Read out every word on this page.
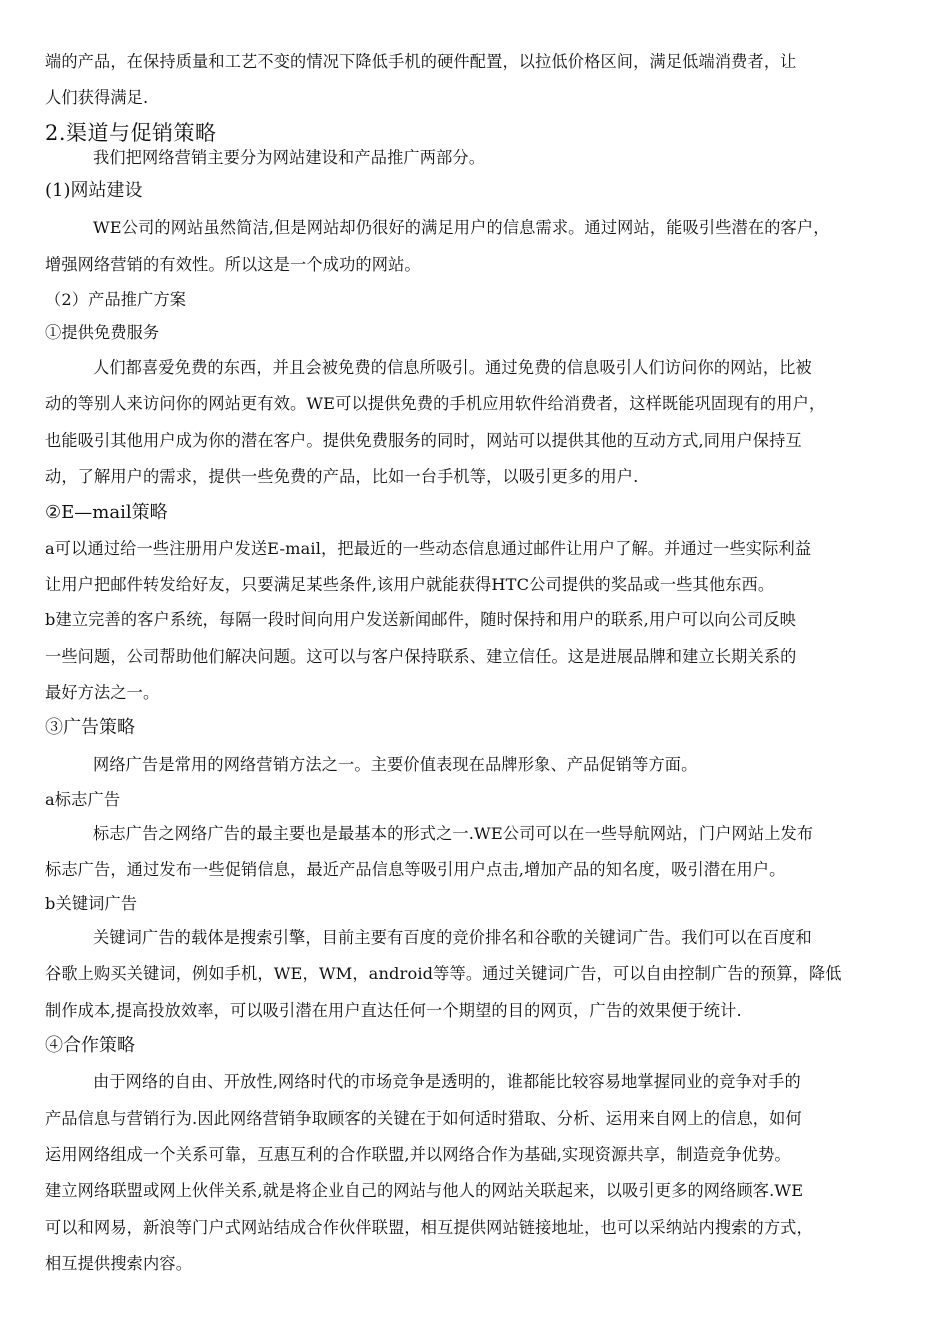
端的产品，在保持质量和工艺不变的情况下降低手机的硬件配置，以拉低价格区间，满足低端消费者，让
人们获得满足.
2.渠道与促销策略
我们把网络营销主要分为网站建设和产品推广两部分。
(1)网站建设
WE公司的网站虽然简洁,但是网站却仍很好的满足用户的信息需求。通过网站，能吸引些潜在的客户，
增强网络营销的有效性。所以这是一个成功的网站。
（2）产品推广方案
①提供免费服务
人们都喜爱免费的东西，并且会被免费的信息所吸引。通过免费的信息吸引人们访问你的网站，比被
动的等别人来访问你的网站更有效。WE可以提供免费的手机应用软件给消费者，这样既能巩固现有的用户，
也能吸引其他用户成为你的潜在客户。提供免费服务的同时，网站可以提供其他的互动方式,同用户保持互
动，了解用户的需求，提供一些免费的产品，比如一台手机等，以吸引更多的用户.
②E—mail策略
a可以通过给一些注册用户发送E-mail，把最近的一些动态信息通过邮件让用户了解。并通过一些实际利益
让用户把邮件转发给好友，只要满足某些条件,该用户就能获得HTC公司提供的奖品或一些其他东西。
b建立完善的客户系统，每隔一段时间向用户发送新闻邮件，随时保持和用户的联系,用户可以向公司反映
一些问题，公司帮助他们解决问题。这可以与客户保持联系、建立信任。这是进展品牌和建立长期关系的
最好方法之一。
③广告策略
网络广告是常用的网络营销方法之一。主要价值表现在品牌形象、产品促销等方面。
a标志广告
标志广告之网络广告的最主要也是最基本的形式之一.WE公司可以在一些导航网站，门户网站上发布
标志广告，通过发布一些促销信息，最近产品信息等吸引用户点击,增加产品的知名度，吸引潜在用户。
b关键词广告
关键词广告的载体是搜索引擎，目前主要有百度的竞价排名和谷歌的关键词广告。我们可以在百度和
谷歌上购买关键词，例如手机，WE，WM，android等等。通过关键词广告，可以自由控制广告的预算，降低
制作成本,提高投放效率，可以吸引潜在用户直达任何一个期望的目的网页，广告的效果便于统计.
④合作策略
由于网络的自由、开放性,网络时代的市场竞争是透明的，谁都能比较容易地掌握同业的竞争对手的
产品信息与营销行为.因此网络营销争取顾客的关键在于如何适时猎取、分析、运用来自网上的信息，如何
运用网络组成一个关系可靠，互惠互利的合作联盟,并以网络合作为基础,实现资源共享，制造竞争优势。
建立网络联盟或网上伙伴关系,就是将企业自己的网站与他人的网站关联起来，以吸引更多的网络顾客.WE
可以和网易，新浪等门户式网站结成合作伙伴联盟，相互提供网站链接地址，也可以采纳站内搜索的方式，
相互提供搜索内容。
